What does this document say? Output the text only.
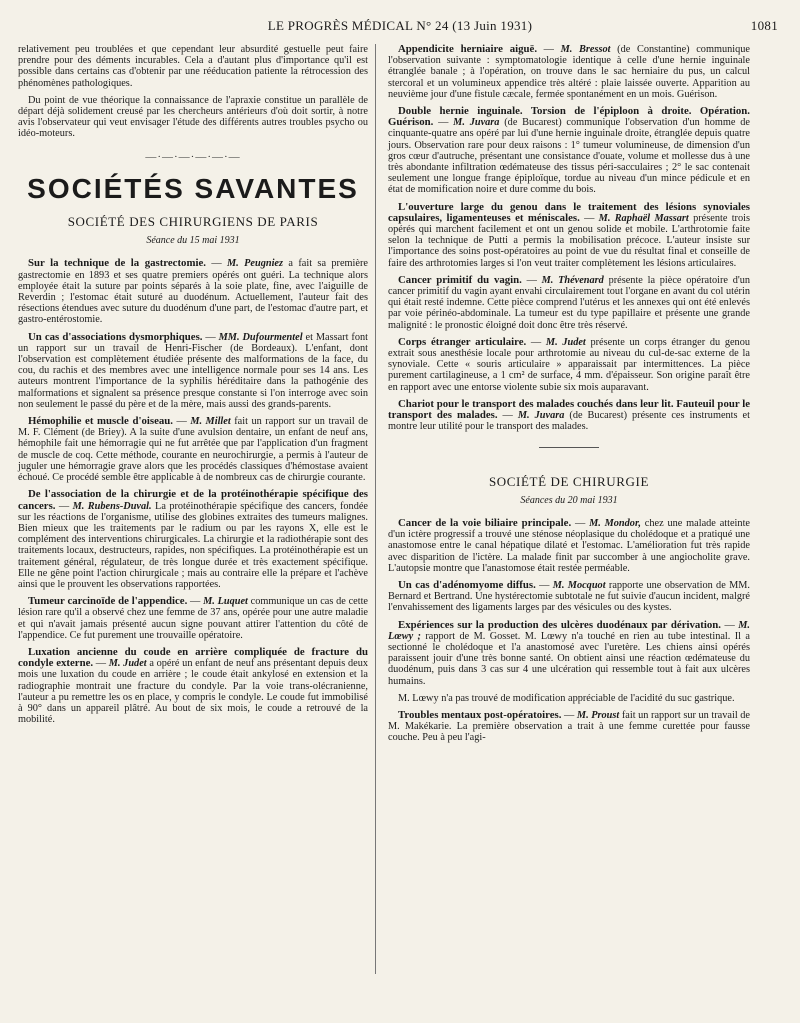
LE PROGRÈS MÉDICAL N° 24 (13 Juin 1931)	1081

relativement peu troublées et que cependant leur absurdité gestuelle peut faire prendre pour des déments incurables. Cela a d'autant plus d'importance qu'il est possible dans certains cas d'obtenir par une rééducation patiente la rétrocession des phénomènes pathologiques.

Du point de vue théorique la connaissance de l'apraxie constitue un parallèle de départ déjà solidement creusé par les chercheurs antérieurs d'où doit sortir, à notre avis l'observateur qui veut envisager l'étude des différents autres troubles psycho ou idéo-moteurs.

—·—·—·—·—·—
SOCIÉTÉS SAVANTES
SOCIÉTÉ DES CHIRURGIENS DE PARIS
Séance du 15 mai 1931

Sur la technique de la gastrectomie. — M. Peugniez a fait sa première gastrectomie en 1893 et ses quatre premiers opérés ont guéri. La technique alors employée était la suture par points séparés à la soie plate, fine, avec l'aiguille de Reverdin ; l'estomac était suturé au duodénum. Actuellement, l'auteur fait des résections étendues avec suture du duodénum d'une part, de l'estomac d'autre part, et gastro-entérostomie.

Un cas d'associations dysmorphiques. — MM. Dufourmentel et Massart font un rapport sur un travail de Henri-Fischer (de Bordeaux). L'enfant, dont l'observation est complètement étudiée présente des malformations de la face, du cou, du rachis et des membres avec une intelligence normale pour ses 14 ans. Les auteurs montrent l'importance de la syphilis héréditaire dans la pathogénie des malformations et signalent sa présence presque constante si l'on interroge avec soin non seulement le passé du père et de la mère, mais aussi des grands-parents.

Hémophilie et muscle d'oiseau. — M. Millet fait un rapport sur un travail de M. F. Clément (de Briey). A la suite d'une avulsion dentaire, un enfant de neuf ans, hémophile fait une hémorragie qui ne fut arrêtée que par l'application d'un fragment de muscle de coq. Cette méthode, courante en neurochirurgie, a permis à l'auteur de juguler une hémorragie grave alors que les procédés classiques d'hémostase avaient échoué. Ce procédé semble être applicable à de nombreux cas de chirurgie courante.

De l'association de la chirurgie et de la protéinothérapie spécifique des cancers. — M. Rubens-Duval. La protéinothérapie spécifique des cancers, fondée sur les réactions de l'organisme, utilise des globines extraites des tumeurs malignes. Bien mieux que les traitements par le radium ou par les rayons X, elle est le complément des interventions chirurgicales. La chirurgie et la radiothérapie sont des traitements locaux, destructeurs, rapides, non spécifiques. La protéinothérapie est un traitement général, régulateur, de très longue durée et très exactement spécifique. Elle ne gêne point l'action chirurgicale ; mais au contraire elle la prépare et l'achève ainsi que le prouvent les observations rapportées.

Tumeur carcinoïde de l'appendice. — M. Luquet communique un cas de cette lésion rare qu'il a observé chez une femme de 37 ans, opérée pour une autre maladie et qui n'avait jamais présenté aucun signe pouvant attirer l'attention du côté de l'appendice. Ce fut purement une trouvaille opératoire.

Luxation ancienne du coude en arrière compliquée de fracture du condyle externe. — M. Judet a opéré un enfant de neuf ans présentant depuis deux mois une luxation du coude en arrière ; le coude était ankylosé en extension et la radiographie montrait une fracture du condyle. Par la voie trans-olécranienne, l'auteur a pu remettre les os en place, y compris le condyle. Le coude fut immobilisé à 90° dans un appareil plâtré. Au bout de six mois, le coude a retrouvé de la mobilité.

Appendicite herniaire aiguë. — M. Bressot (de Constantine) communique l'observation suivante : symptomatologie identique à celle d'une hernie inguinale étranglée banale ; à l'opération, on trouve dans le sac herniaire du pus, un calcul stercoral et un volumineux appendice très altéré : plaie laissée ouverte. Apparition au neuvième jour d'une fistule cæcale, fermée spontanément en un mois. Guérison.

Double hernie inguinale. Torsion de l'épiploon à droite. Opération. Guérison. — M. Juvara (de Bucarest) communique l'observation d'un homme de cinquante-quatre ans opéré par lui d'une hernie inguinale droite, étranglée depuis quatre jours. Observation rare pour deux raisons : 1° tumeur volumineuse, de dimension d'un gros cœur d'autruche, présentant une consistance d'ouate, volume et mollesse dus à une très abondante infiltration œdémateuse des tissus péri-sacculaires ; 2° le sac contenait seulement une longue frange épiploïque, tordue au niveau d'un mince pédicule et en état de momification noire et dure comme du bois.

L'ouverture large du genou dans le traitement des lésions synoviales capsulaires, ligamenteuses et méniscales. — M. Raphaël Massart présente trois opérés qui marchent facilement et ont un genou solide et mobile. L'arthrotomie faite selon la technique de Putti a permis la mobilisation précoce. L'auteur insiste sur l'importance des soins post-opératoires au point de vue du résultat final et conseille de faire des arthrotomies larges si l'on veut traiter complètement les lésions articulaires.

Cancer primitif du vagin. — M. Thévenard présente la pièce opératoire d'un cancer primitif du vagin ayant envahi circulairement tout l'organe en avant du col utérin qui était resté indemne. Cette pièce comprend l'utérus et les annexes qui ont été enlevés par voie périnéo-abdominale. La tumeur est du type papillaire et présente une grande malignité : le pronostic éloigné doit donc être très réservé.

Corps étranger articulaire. — M. Judet présente un corps étranger du genou extrait sous anesthésie locale pour arthrotomie au niveau du cul-de-sac externe de la synoviale. Cette « souris articulaire » apparaissait par intermittences. La pièce purement cartilagineuse, a 1 cm² de surface, 4 mm. d'épaisseur. Son origine paraît être en rapport avec une entorse violente subie six mois auparavant.

Chariot pour le transport des malades couchés dans leur lit. Fauteuil pour le transport des malades. — M. Juvara (de Bucarest) présente ces instruments et montre leur utilité pour le transport des malades.

SOCIÉTÉ DE CHIRURGIE
Séances du 20 mai 1931

Cancer de la voie biliaire principale. — M. Mondor, chez une malade atteinte d'un ictère progressif a trouvé une sténose néoplasique du cholédoque et a pratiqué une anastomose entre le canal hépatique dilaté et l'estomac. L'amélioration fut très rapide avec disparition de l'ictère. La malade finit par succomber à une angiocholite grave. L'autopsie montre que l'anastomose était restée perméable.

Un cas d'adénomyome diffus. — M. Mocquot rapporte une observation de MM. Bernard et Bertrand. Une hystérectomie subtotale ne fut suivie d'aucun incident, malgré l'envahissement des ligaments larges par des vésicules ou des kystes.

Expériences sur la production des ulcères duodénaux par dérivation. — M. Lœwy ; rapport de M. Gosset. M. Lœwy n'a touché en rien au tube intestinal. Il a sectionné le cholédoque et l'a anastomosé avec l'uretère. Les chiens ainsi opérés paraissent jouir d'une très bonne santé. On obtient ainsi une réaction œdémateuse du duodénum, puis dans 3 cas sur 4 une ulcération qui ressemble tout à fait aux ulcères humains.

M. Lœwy n'a pas trouvé de modification appréciable de l'acidité du suc gastrique.

Troubles mentaux post-opératoires. — M. Proust fait un rapport sur un travail de M. Makékarie. La première observation a trait à une femme curettée pour fausse couche. Peu à peu l'agi-
